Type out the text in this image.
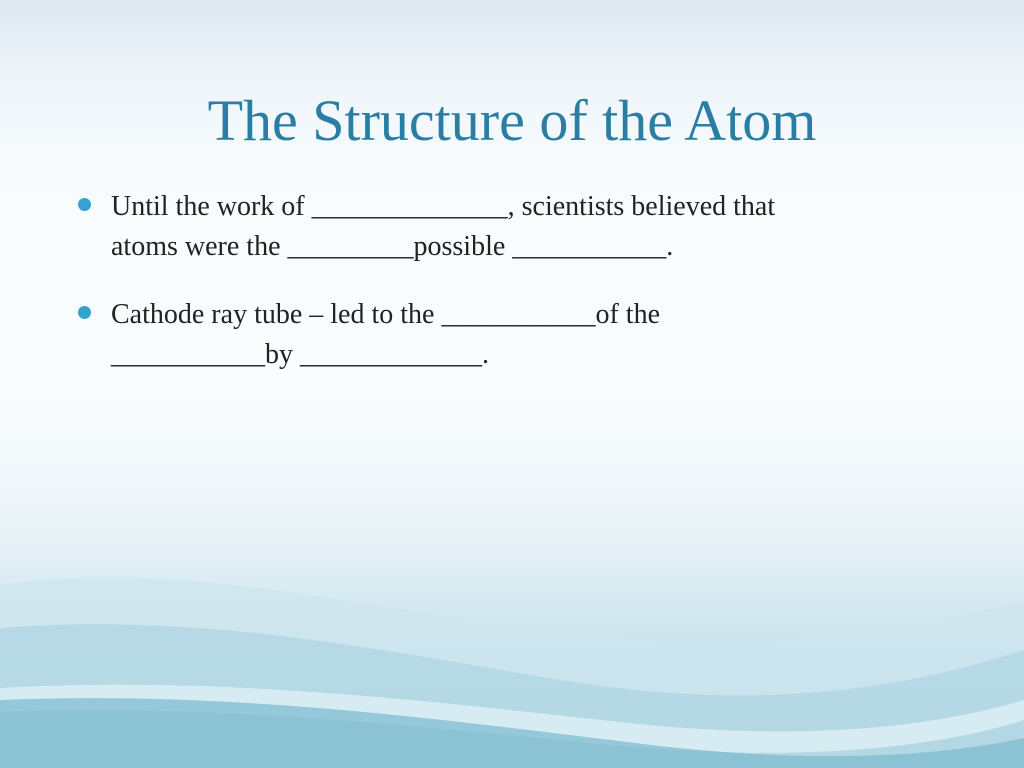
The Structure of the Atom
Until the work of ______________, scientists believed that
atoms were the _________possible ___________.
Cathode ray tube – led to the ___________of the
___________by _____________.
